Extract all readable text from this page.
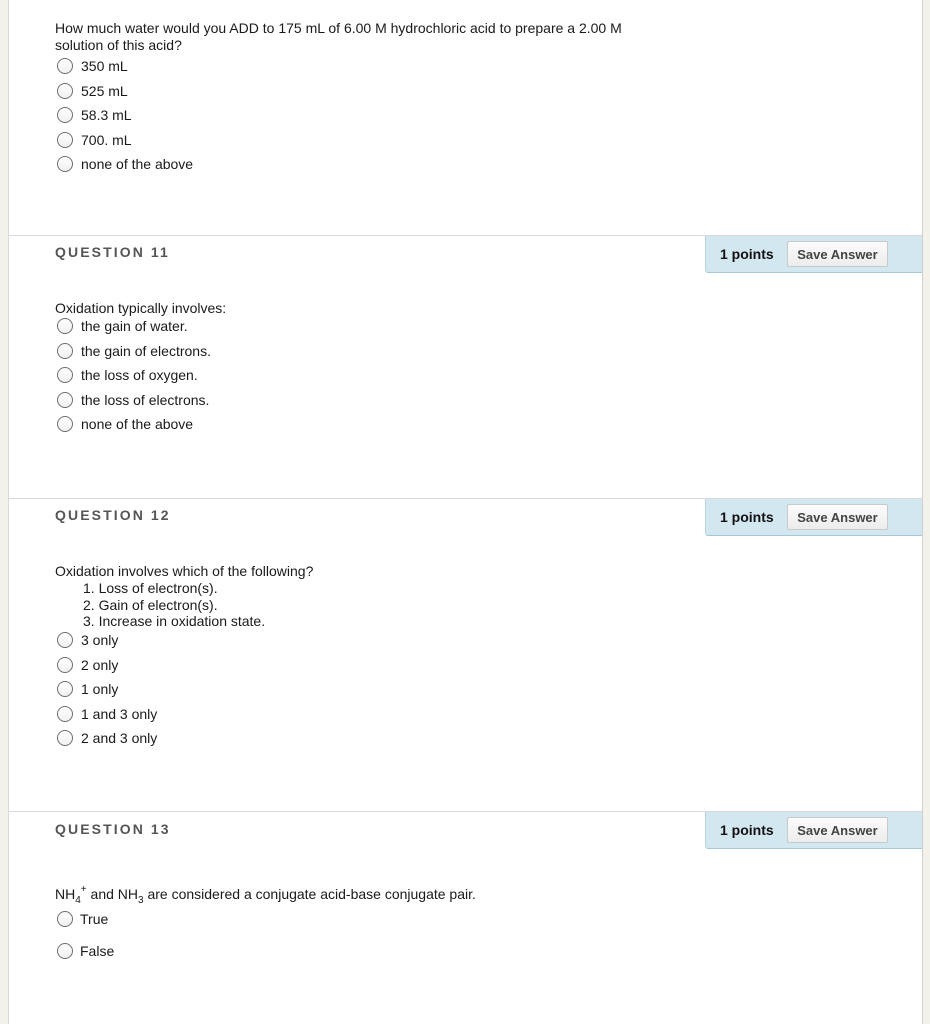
How much water would you ADD to 175 mL of 6.00 M hydrochloric acid to prepare a 2.00 M
solution of this acid?
350 mL
525 mL
58.3 mL
700. mL
none of the above
QUESTION 11	1 points	Save Answer
Oxidation typically involves:
the gain of water.
the gain of electrons.
the loss of oxygen.
the loss of electrons.
none of the above
QUESTION 12	1 points	Save Answer
Oxidation involves which of the following?
1. Loss of electron(s).
2. Gain of electron(s).
3. Increase in oxidation state.
3 only
2 only
1 only
1 and 3 only
2 and 3 only
QUESTION 13	1 points	Save Answer
$NH_4^+$ and $NH_3$ are considered a conjugate acid-base conjugate pair.
True
False
